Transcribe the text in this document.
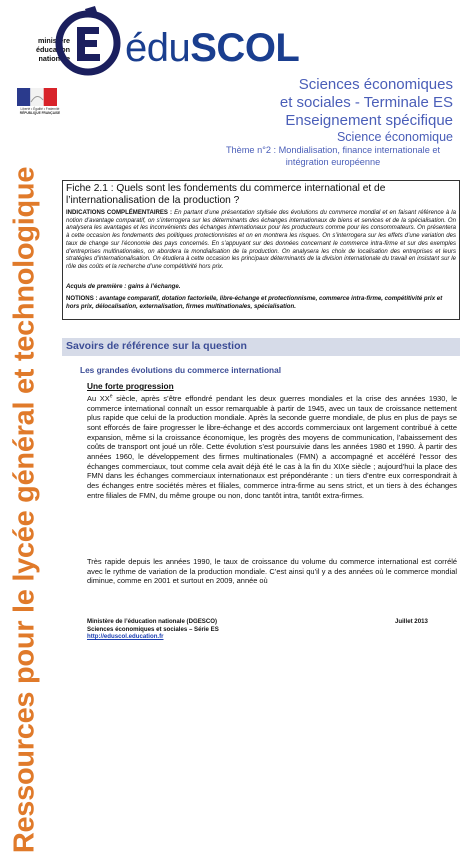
ministère
éducation
nationale éduSCOL
Liberté • Égalité • Fraternité
RÉPUBLIQUE FRANÇAISE
Sciences économiques
et sociales - Terminale ES
Enseignement spécifique
Science économique
Thème n°2 : Mondialisation, finance internationale et intégration européenne
Ressources pour le lycée général et technologique	Fiche 2.1 : Quels sont les fondements du commerce international et de l’internationalisation de la production ?
INDICATIONS COMPLÉMENTAIRES : En partant d’une présentation stylisée des évolutions du commerce mondial et en faisant référence à la notion d’avantage comparatif, on s’interrogera sur les déterminants des échanges internationaux de biens et services et de la spécialisation. On analysera les avantages et les inconvénients des échanges internationaux pour les producteurs comme pour les consommateurs. On présentera à cette occasion les fondements des politiques protectionnistes et on en montrera les risques. On s’interrogera sur les effets d’une variation des taux de change sur l’économie des pays concernés. En s’appuyant sur des données concernant le commerce intra-firme et sur des exemples d’entreprises multinationales, on abordera la mondialisation de la production. On analysera les choix de localisation des entreprises et leurs stratégies d’internationalisation. On étudiera à cette occasion les principaux déterminants de la division internationale du travail en insistant sur le rôle des coûts et la recherche d’une compétitivité hors prix.
Acquis de première : gains à l’échange.
NOTIONS : avantage comparatif, dotation factorielle, libre-échange et protectionnisme, commerce intra-firme, compétitivité prix et hors prix, délocalisation, externalisation, firmes multinationales, spécialisation.
Savoirs de référence sur la question
Les grandes évolutions du commerce international
Une forte progression
Au XXe siècle, après s’être effondré pendant les deux guerres mondiales et la crise des années 1930, le commerce international connaît un essor remarquable à partir de 1945, avec un taux de croissance nettement plus rapide que celui de la production mondiale. Après la seconde guerre mondiale, de plus en plus de pays se sont efforcés de faire progresser le libre-échange et des accords commerciaux ont largement contribué à cette expansion, même si la croissance économique, les progrès des moyens de communication, l’abaissement des coûts de transport ont joué un rôle. Cette évolution s’est poursuivie dans les années 1980 et 1990. À partir des années 1960, le développement des firmes multinationales (FMN) a accompagné et accéléré l’essor des échanges commerciaux, tout comme cela avait déjà été le cas à la fin du XIXe siècle ; aujourd’hui la place des FMN dans les échanges commerciaux internationaux est prépondérante : un tiers d’entre eux correspondrait à des échanges entre sociétés mères et filiales, commerce intra-firme au sens strict, et un tiers à des échanges entre filiales de FMN, du même groupe ou non, donc tantôt intra, tantôt extra-firmes.
Très rapide depuis les années 1990, le taux de croissance du volume du commerce international est corrélé avec le rythme de variation de la production mondiale. C’est ainsi qu’il y a des années où le commerce mondial diminue, comme en 2001 et surtout en 2009, année où
Ministère de l’éducation nationale (DGESCO)
Sciences économiques et sociales – Série ES
http://eduscol.education.fr
Juillet 2013
